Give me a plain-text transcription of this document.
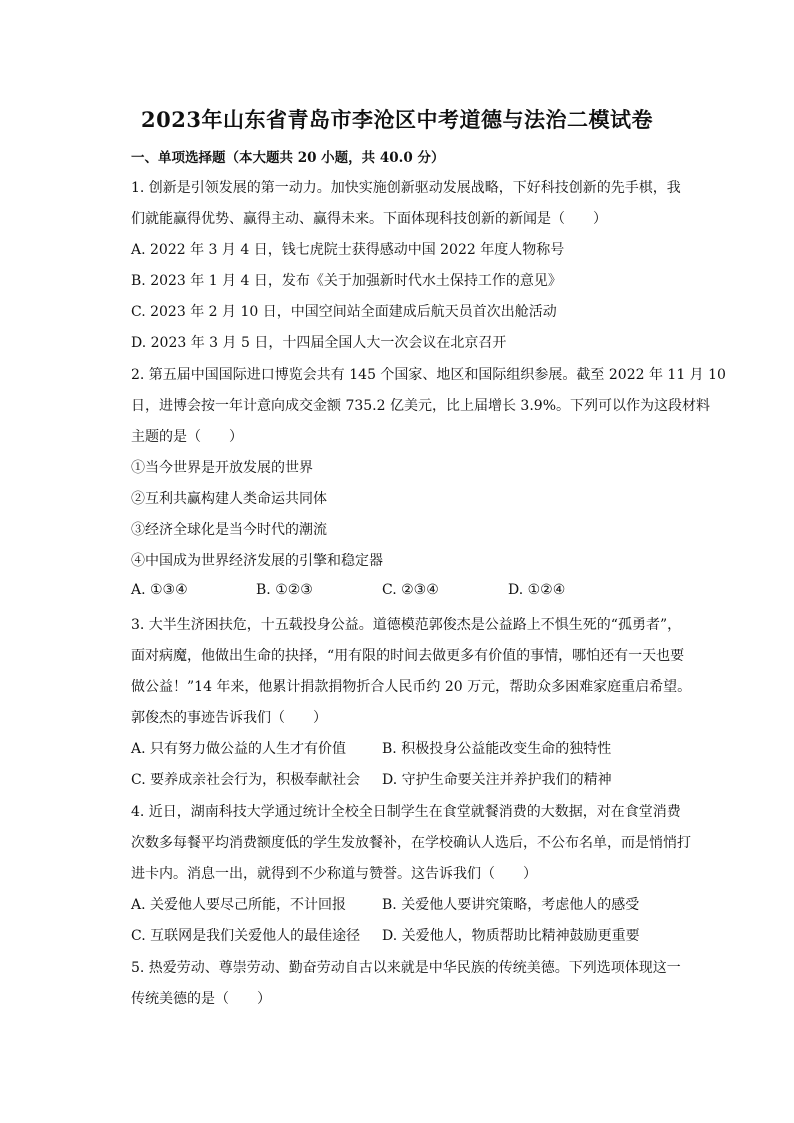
2023年山东省青岛市李沧区中考道德与法治二模试卷
一、单项选择题（本大题共 20 小题，共 40.0 分）
1. 创新是引领发展的第一动力。加快实施创新驱动发展战略，下好科技创新的先手棋，我
们就能赢得优势、赢得主动、赢得未来。下面体现科技创新的新闻是（　　）
A. 2022 年 3 月 4 日，钱七虎院士获得感动中国 2022 年度人物称号
B. 2023 年 1 月 4 日，发布《关于加强新时代水土保持工作的意见》
C. 2023 年 2 月 10 日，中国空间站全面建成后航天员首次出舱活动
D. 2023 年 3 月 5 日，十四届全国人大一次会议在北京召开
2. 第五届中国国际进口博览会共有 145 个国家、地区和国际组织参展。截至 2022 年 11 月 10
日，进博会按一年计意向成交金额 735.2 亿美元，比上届增长 3.9%。下列可以作为这段材料
主题的是（　　）
①当今世界是开放发展的世界
②互利共赢构建人类命运共同体
③经济全球化是当今时代的潮流
④中国成为世界经济发展的引擎和稳定器
A. ①③④	B. ①②③	C. ②③④	D. ①②④
3. 大半生济困扶危，十五载投身公益。道德模范郭俊杰是公益路上不惧生死的“孤勇者”，
面对病魔，他做出生命的抉择，“用有限的时间去做更多有价值的事情，哪怕还有一天也要
做公益！”14 年来，他累计捐款捐物折合人民币约 20 万元，帮助众多困难家庭重启希望。
郭俊杰的事迹告诉我们（　　）
A. 只有努力做公益的人生才有价值	B. 积极投身公益能改变生命的独特性
C. 要养成亲社会行为，积极奉献社会 D. 守护生命要关注并养护我们的精神
4. 近日，湖南科技大学通过统计全校全日制学生在食堂就餐消费的大数据，对在食堂消费
次数多每餐平均消费额度低的学生发放餐补，在学校确认人选后，不公布名单，而是悄悄打
进卡内。消息一出，就得到不少称道与赞誉。这告诉我们（　　）
A. 关爱他人要尽己所能，不计回报	B. 关爱他人要讲究策略，考虑他人的感受
C. 互联网是我们关爱他人的最佳途径 D. 关爱他人，物质帮助比精神鼓励更重要
5. 热爱劳动、尊崇劳动、勤奋劳动自古以来就是中华民族的传统美德。下列选项体现这一
传统美德的是（　　）
